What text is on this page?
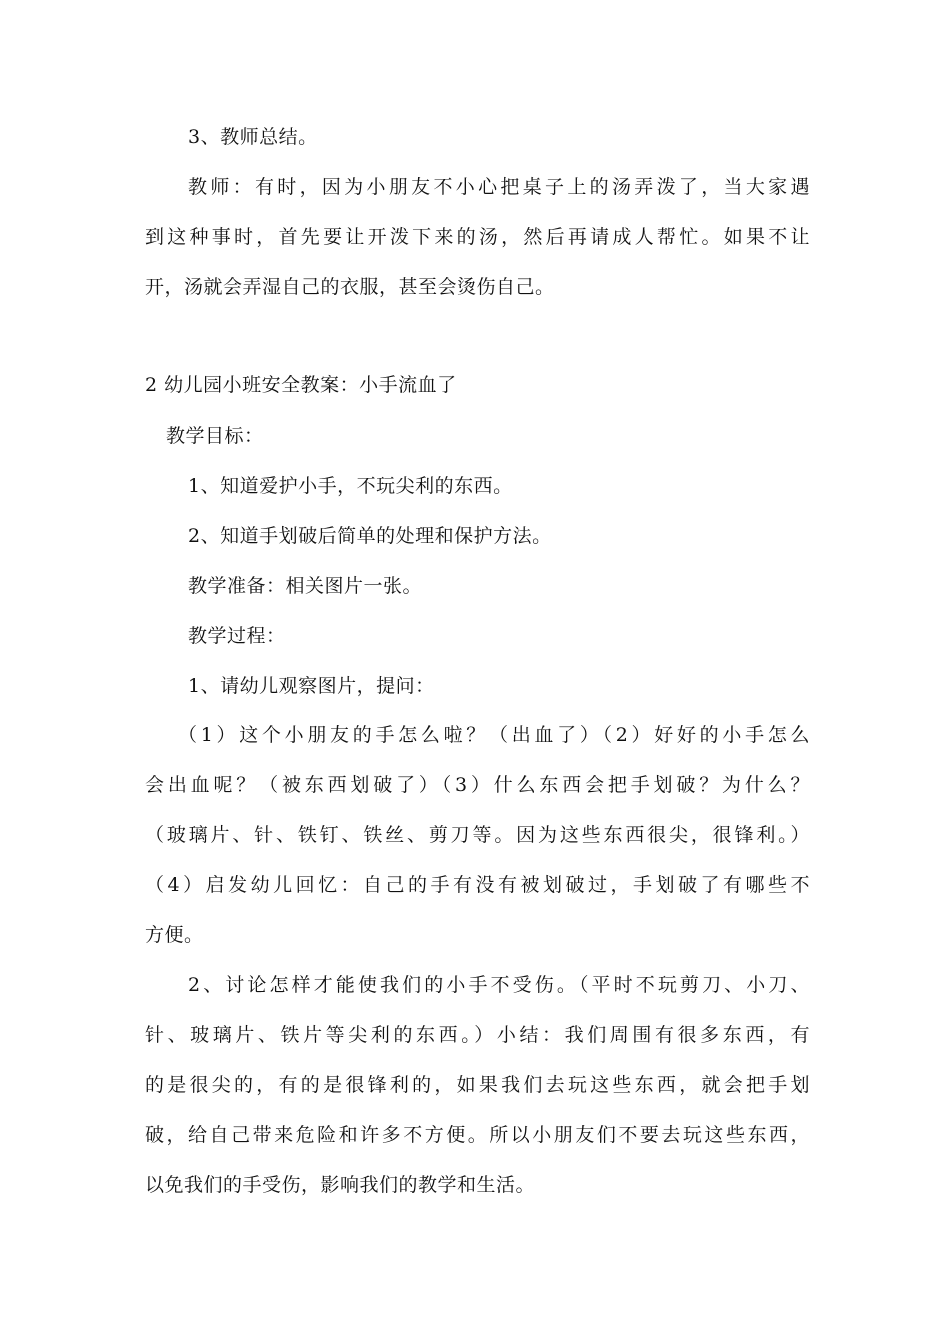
3、教师总结。
教师：有时，因为小朋友不小心把桌子上的汤弄泼了，当大家遇
到这种事时，首先要让开泼下来的汤，然后再请成人帮忙。如果不让
开，汤就会弄湿自己的衣服，甚至会烫伤自己。
2 幼儿园小班安全教案：小手流血了
教学目标：
1、知道爱护小手，不玩尖利的东西。
2、知道手划破后简单的处理和保护方法。
教学准备：相关图片一张。
教学过程：
1、请幼儿观察图片，提问：
（1）这个小朋友的手怎么啦？（出血了）（2）好好的小手怎么
会出血呢？（被东西划破了）（3）什么东西会把手划破？为什么？
（玻璃片、针、铁钉、铁丝、剪刀等。因为这些东西很尖，很锋利。）
（4）启发幼儿回忆：自己的手有没有被划破过，手划破了有哪些不
方便。
2、讨论怎样才能使我们的小手不受伤。（平时不玩剪刀、小刀、
针、玻璃片、铁片等尖利的东西。）小结：我们周围有很多东西，有
的是很尖的，有的是很锋利的，如果我们去玩这些东西，就会把手划
破，给自己带来危险和许多不方便。所以小朋友们不要去玩这些东西，
以免我们的手受伤，影响我们的教学和生活。
